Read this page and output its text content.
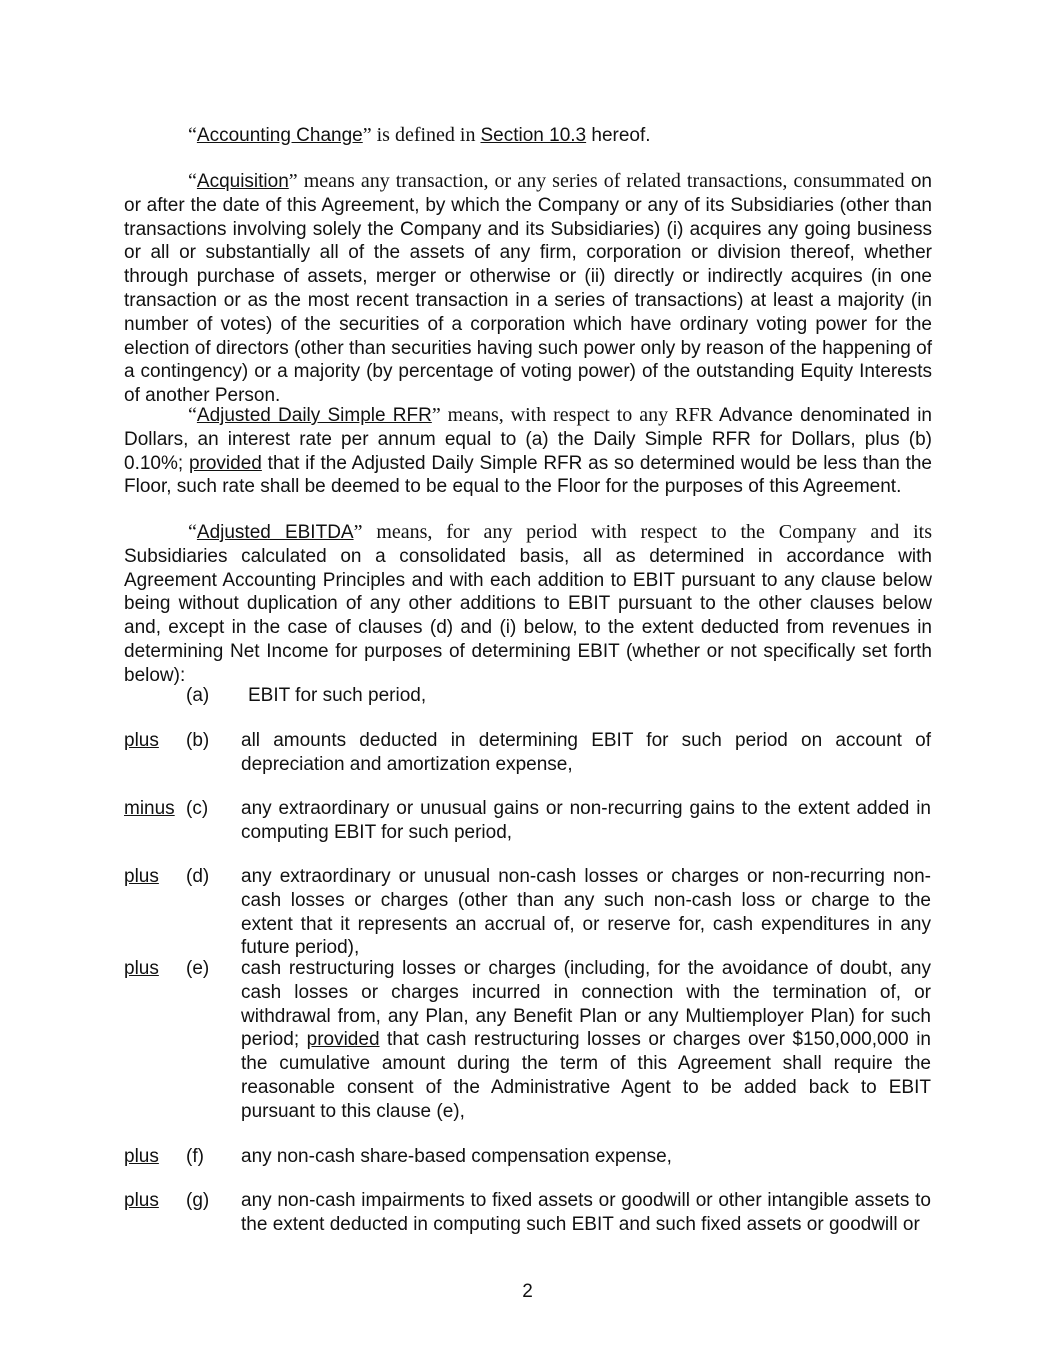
“Accounting Change” is defined in Section 10.3 hereof.

“Acquisition” means any transaction, or any series of related transactions, consummated on or after the date of this Agreement, by which the Company or any of its Subsidiaries (other than transactions involving solely the Company and its Subsidiaries) (i) acquires any going business or all or substantially all of the assets of any firm, corporation or division thereof, whether through purchase of assets, merger or otherwise or (ii) directly or indirectly acquires (in one transaction or as the most recent transaction in a series of transactions) at least a majority (in number of votes) of the securities of a corporation which have ordinary voting power for the election of directors (other than securities having such power only by reason of the happening of a contingency) or a majority (by percentage of voting power) of the outstanding Equity Interests of another Person.

“Adjusted Daily Simple RFR” means, with respect to any RFR Advance denominated in Dollars, an interest rate per annum equal to (a) the Daily Simple RFR for Dollars, plus (b) 0.10%; provided that if the Adjusted Daily Simple RFR as so determined would be less than the Floor, such rate shall be deemed to be equal to the Floor for the purposes of this Agreement.

“Adjusted EBITDA” means, for any period with respect to the Company and its Subsidiaries calculated on a consolidated basis, all as determined in accordance with Agreement Accounting Principles and with each addition to EBIT pursuant to any clause below being without duplication of any other additions to EBIT pursuant to the other clauses below and, except in the case of clauses (d) and (i) below, to the extent deducted from revenues in determining Net Income for purposes of determining EBIT (whether or not specifically set forth below):

(a) EBIT for such period,
plus (b) all amounts deducted in determining EBIT for such period on account of depreciation and amortization expense,
minus (c) any extraordinary or unusual gains or non-recurring gains to the extent added in computing EBIT for such period,
plus (d) any extraordinary or unusual non-cash losses or charges or non-recurring non-cash losses or charges (other than any such non-cash loss or charge to the extent that it represents an accrual of, or reserve for, cash expenditures in any future period),
plus (e) cash restructuring losses or charges (including, for the avoidance of doubt, any cash losses or charges incurred in connection with the termination of, or withdrawal from, any Plan, any Benefit Plan or any Multiemployer Plan) for such period; provided that cash restructuring losses or charges over $150,000,000 in the cumulative amount during the term of this Agreement shall require the reasonable consent of the Administrative Agent to be added back to EBIT pursuant to this clause (e),
plus (f) any non-cash share-based compensation expense,
plus (g) any non-cash impairments to fixed assets or goodwill or other intangible assets to the extent deducted in computing such EBIT and such fixed assets or goodwill or
2
